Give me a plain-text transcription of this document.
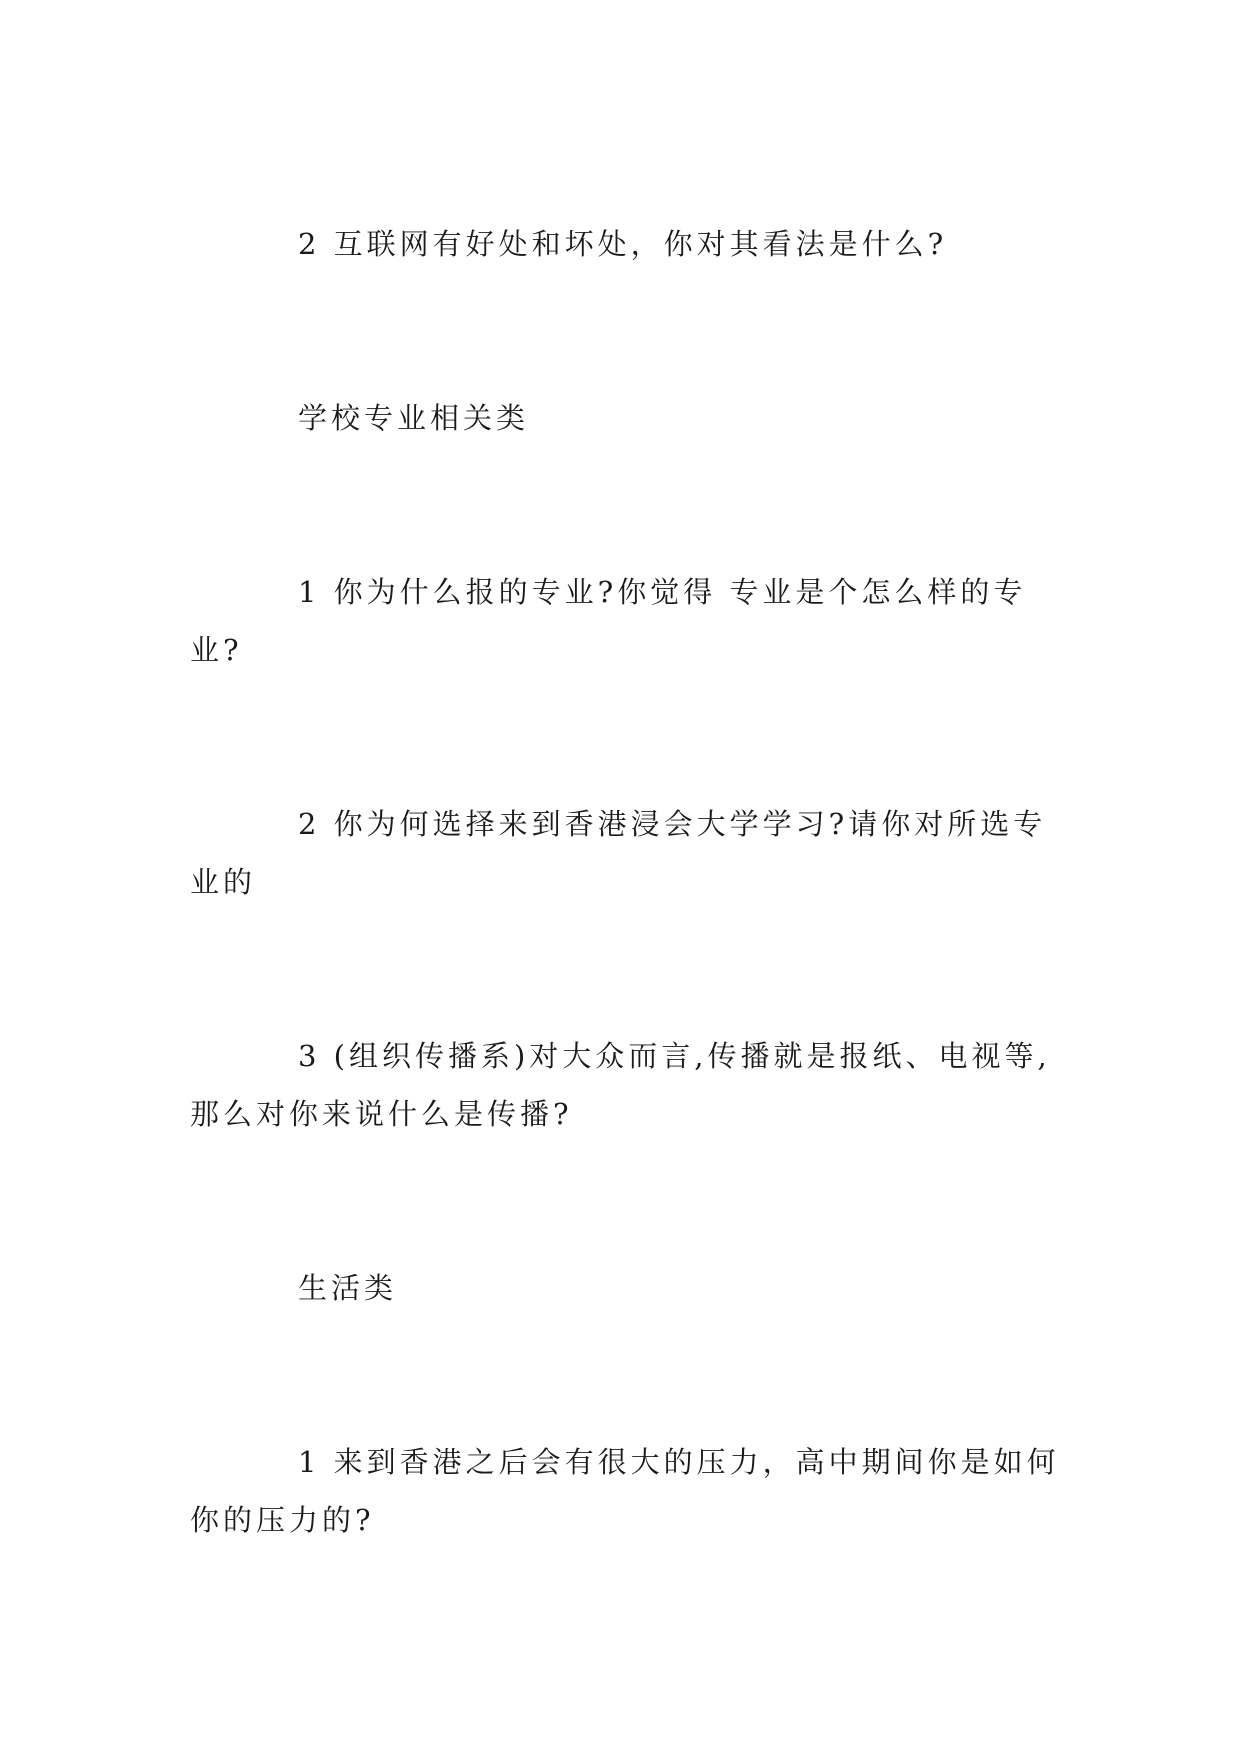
2 互联网有好处和坏处，你对其看法是什么?
学校专业相关类
1 你为什么报的专业?你觉得 专业是个怎么样的专
业?
2 你为何选择来到香港浸会大学学习?请你对所选专
业的
3 (组织传播系)对大众而言,传播就是报纸、电视等,
那么对你来说什么是传播?
生活类
1 来到香港之后会有很大的压力，高中期间你是如何
你的压力的?
